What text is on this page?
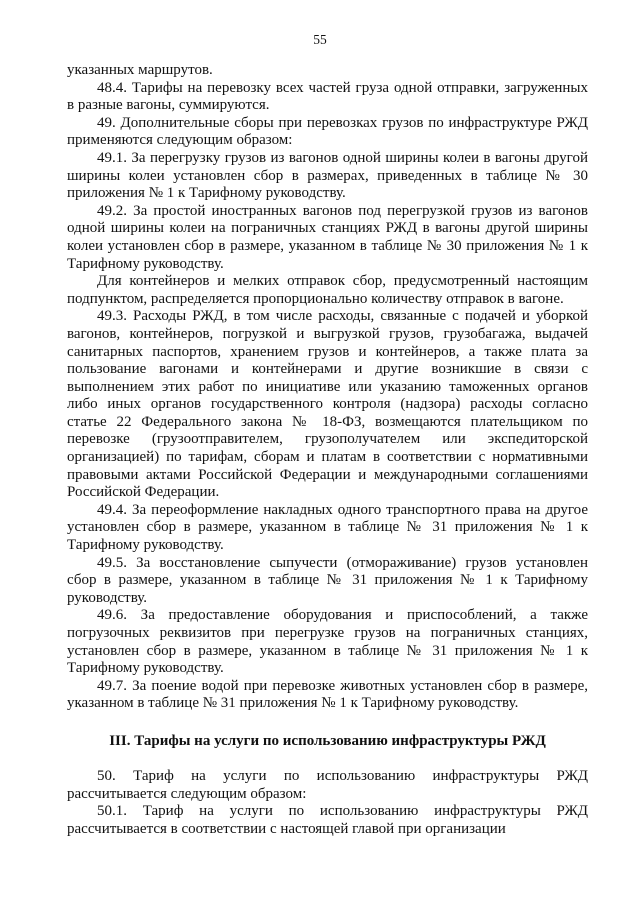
55

указанных маршрутов.

48.4. Тарифы на перевозку всех частей груза одной отправки, загруженных в разные вагоны, суммируются.

49. Дополнительные сборы при перевозках грузов по инфраструктуре РЖД применяются следующим образом:

49.1. За перегрузку грузов из вагонов одной ширины колеи в вагоны другой ширины колеи установлен сбор в размерах, приведенных в таблице № 30 приложения № 1 к Тарифному руководству.

49.2. За простой иностранных вагонов под перегрузкой грузов из вагонов одной ширины колеи на пограничных станциях РЖД в вагоны другой ширины колеи установлен сбор в размере, указанном в таблице № 30 приложения № 1 к Тарифному руководству.

Для контейнеров и мелких отправок сбор, предусмотренный настоящим подпунктом, распределяется пропорционально количеству отправок в вагоне.

49.3. Расходы РЖД, в том числе расходы, связанные с подачей и уборкой вагонов, контейнеров, погрузкой и выгрузкой грузов, грузобагажа, выдачей санитарных паспортов, хранением грузов и контейнеров, а также плата за пользование вагонами и контейнерами и другие возникшие в связи с выполнением этих работ по инициативе или указанию таможенных органов либо иных органов государственного контроля (надзора) расходы согласно статье 22 Федерального закона № 18-ФЗ, возмещаются плательщиком по перевозке (грузоотправителем, грузополучателем или экспедиторской организацией) по тарифам, сборам и платам в соответствии с нормативными правовыми актами Российской Федерации и международными соглашениями Российской Федерации.

49.4. За переоформление накладных одного транспортного права на другое установлен сбор в размере, указанном в таблице № 31 приложения № 1 к Тарифному руководству.

49.5. За восстановление сыпучести (отмораживание) грузов установлен сбор в размере, указанном в таблице № 31 приложения № 1 к Тарифному руководству.

49.6. За предоставление оборудования и приспособлений, а также погрузочных реквизитов при перегрузке грузов на пограничных станциях, установлен сбор в размере, указанном в таблице № 31 приложения № 1 к Тарифному руководству.

49.7. За поение водой при перевозке животных установлен сбор в размере, указанном в таблице № 31 приложения № 1 к Тарифному руководству.

III. Тарифы на услуги по использованию инфраструктуры РЖД

50. Тариф на услуги по использованию инфраструктуры РЖД рассчитывается следующим образом:

50.1. Тариф на услуги по использованию инфраструктуры РЖД рассчитывается в соответствии с настоящей главой при организации
